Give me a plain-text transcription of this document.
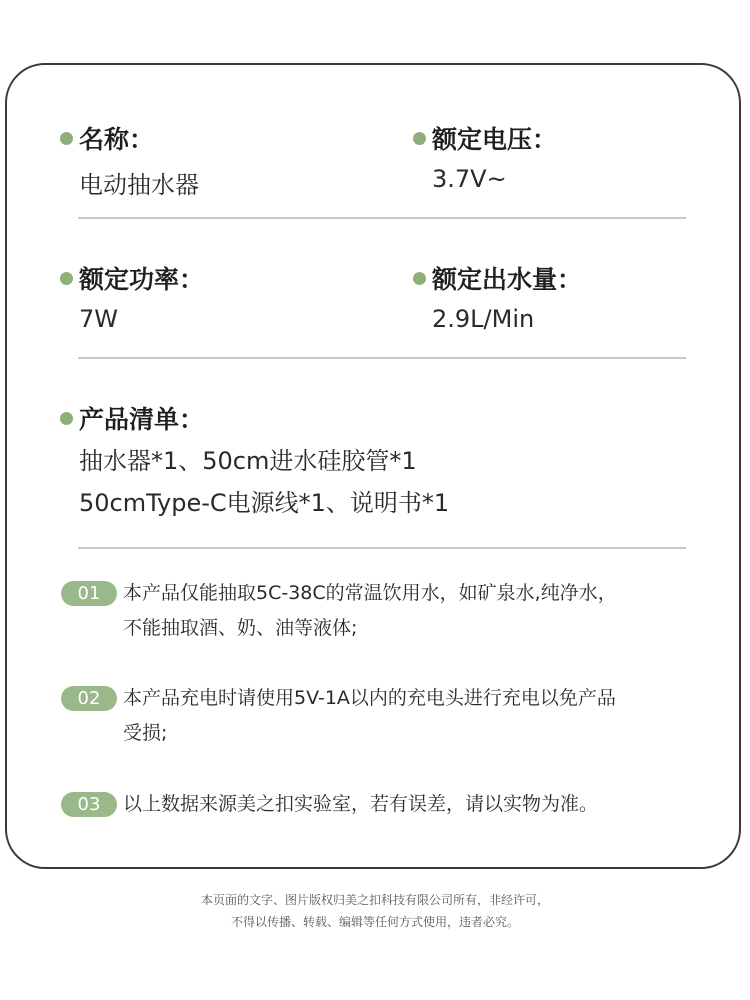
名称：
电动抽水器
额定电压：
3.7V~
额定功率：
7W
额定出水量：
2.9L/Min
产品清单：
抽水器*1、50cm进水硅胶管*1
50cmType-C电源线*1、说明书*1
01	本产品仅能抽取5C-38C的常温饮用水，如矿泉水,纯净水，
不能抽取酒、奶、油等液体;
02	本产品充电时请使用5V-1A以内的充电头进行充电以免产品
受损;
03	以上数据来源美之扣实验室，若有误差，请以实物为准。
本页面的文字、图片版权归美之扣科技有限公司所有，非经许可，
不得以传播、转载、编辑等任何方式使用，违者必究。
